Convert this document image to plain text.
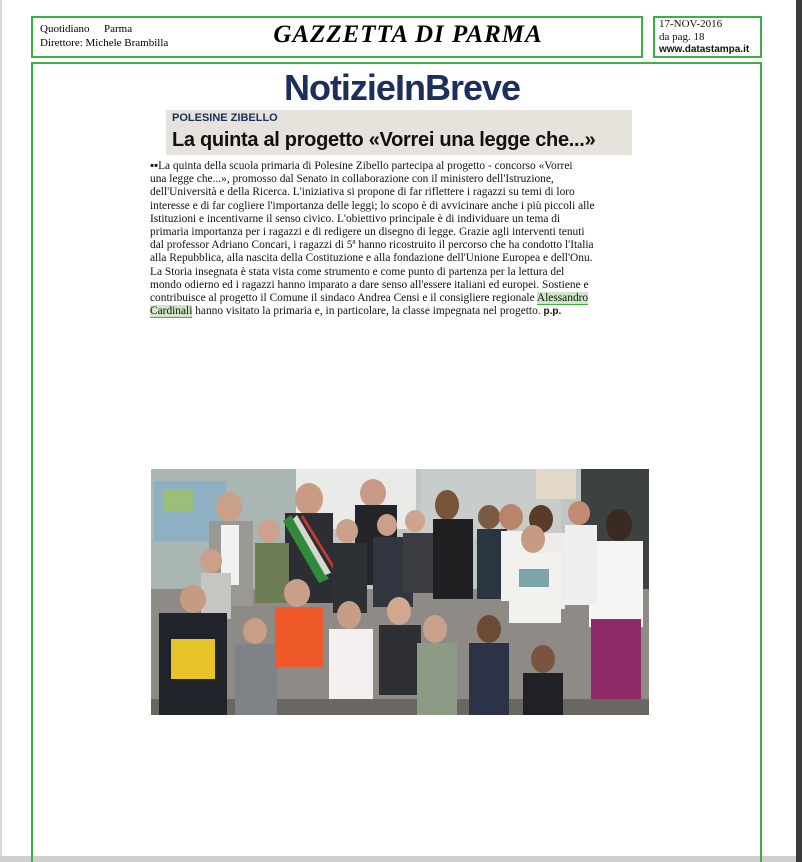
Quotidiano Parma
Direttore: Michele Brambilla	GAZZETTA DI PARMA	17-NOV-2016
da pag. 18
www.datastampa.it
NotizieInBreve
POLESINE ZIBELLO
La quinta al progetto «Vorrei una legge che...»
▪▪La quinta della scuola primaria di Polesine Zibello partecipa al progetto - concorso «Vorrei
una legge che...», promosso dal Senato in collaborazione con il ministero dell'Istruzione,
dell'Università e della Ricerca. L'iniziativa si propone di far riflettere i ragazzi su temi di loro
interesse e di far cogliere l'importanza delle leggi; lo scopo è di avvicinare anche i più piccoli alle
Istituzioni e incentivarne il senso civico. L'obiettivo principale è di individuare un tema di
primaria importanza per i ragazzi e di redigere un disegno di legge. Grazie agli interventi tenuti
dal professor Adriano Concari, i ragazzi di 5ª hanno ricostruito il percorso che ha condotto l'Italia
alla Repubblica, alla nascita della Costituzione e alla fondazione dell'Unione Europea e dell'Onu.
La Storia insegnata è stata vista come strumento e come punto di partenza per la lettura del
mondo odierno ed i ragazzi hanno imparato a dare senso all'essere italiani ed europei. Sostiene e
contribuisce al progetto il Comune il sindaco Andrea Censi e il consigliere regionale Alessandro
Cardinali hanno visitato la primaria e, in particolare, la classe impegnata nel progetto. p.p.
